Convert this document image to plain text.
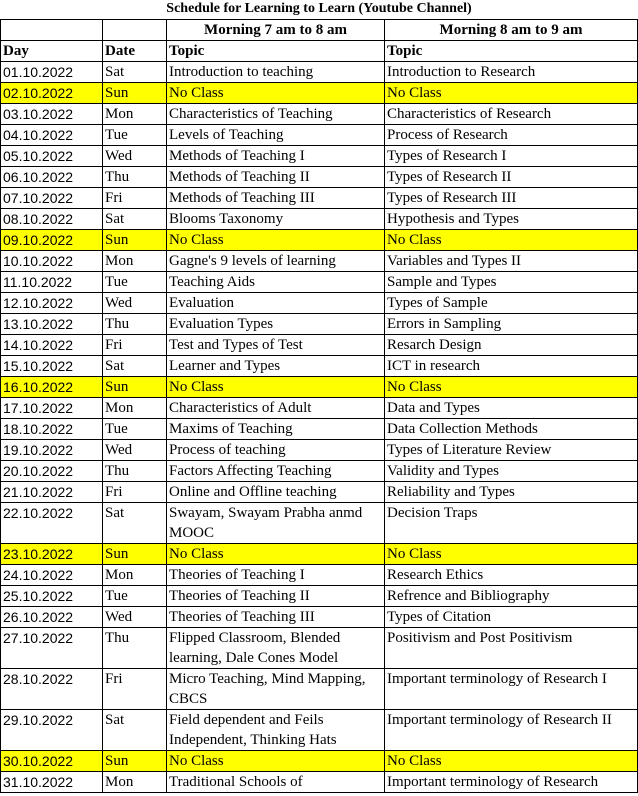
Schedule for Learning to Learn (Youtube Channel)
		Morning 7 am to 8 am	Morning 8 am to 9 am
Day	Date	Topic	Topic
01.10.2022	Sat	Introduction to teaching	Introduction to Research
02.10.2022	Sun	No Class	No Class
03.10.2022	Mon	Characteristics of Teaching	Characteristics of Research
04.10.2022	Tue	Levels of Teaching	Process of Research
05.10.2022	Wed	Methods of Teaching I	Types of Research I
06.10.2022	Thu	Methods of Teaching II	Types of Research II
07.10.2022	Fri	Methods of Teaching III	Types of Research III
08.10.2022	Sat	Blooms Taxonomy	Hypothesis and Types
09.10.2022	Sun	No Class	No Class
10.10.2022	Mon	Gagne's 9 levels of learning	Variables and Types II
11.10.2022	Tue	Teaching Aids	Sample and Types
12.10.2022	Wed	Evaluation	Types of Sample
13.10.2022	Thu	Evaluation Types	Errors in Sampling
14.10.2022	Fri	Test and Types of Test	Resarch Design
15.10.2022	Sat	Learner and Types	ICT in research
16.10.2022	Sun	No Class	No Class
17.10.2022	Mon	Characteristics of Adult	Data and Types
18.10.2022	Tue	Maxims of Teaching	Data Collection Methods
19.10.2022	Wed	Process of teaching	Types of Literature Review
20.10.2022	Thu	Factors Affecting Teaching	Validity and Types
21.10.2022	Fri	Online and Offline teaching	Reliability and Types
22.10.2022	Sat	Swayam, Swayam Prabha anmd MOOC	Decision Traps
23.10.2022	Sun	No Class	No Class
24.10.2022	Mon	Theories of Teaching I	Research Ethics
25.10.2022	Tue	Theories of Teaching II	Refrence and Bibliography
26.10.2022	Wed	Theories of Teaching III	Types of Citation
27.10.2022	Thu	Flipped Classroom, Blended learning, Dale Cones Model	Positivism and Post Positivism
28.10.2022	Fri	Micro Teaching, Mind Mapping, CBCS	Important terminology of Research I
29.10.2022	Sat	Field dependent and Feils Independent, Thinking Hats	Important terminology of Research II
30.10.2022	Sun	No Class	No Class
31.10.2022	Mon	Traditional Schools of	Important terminology of Research
